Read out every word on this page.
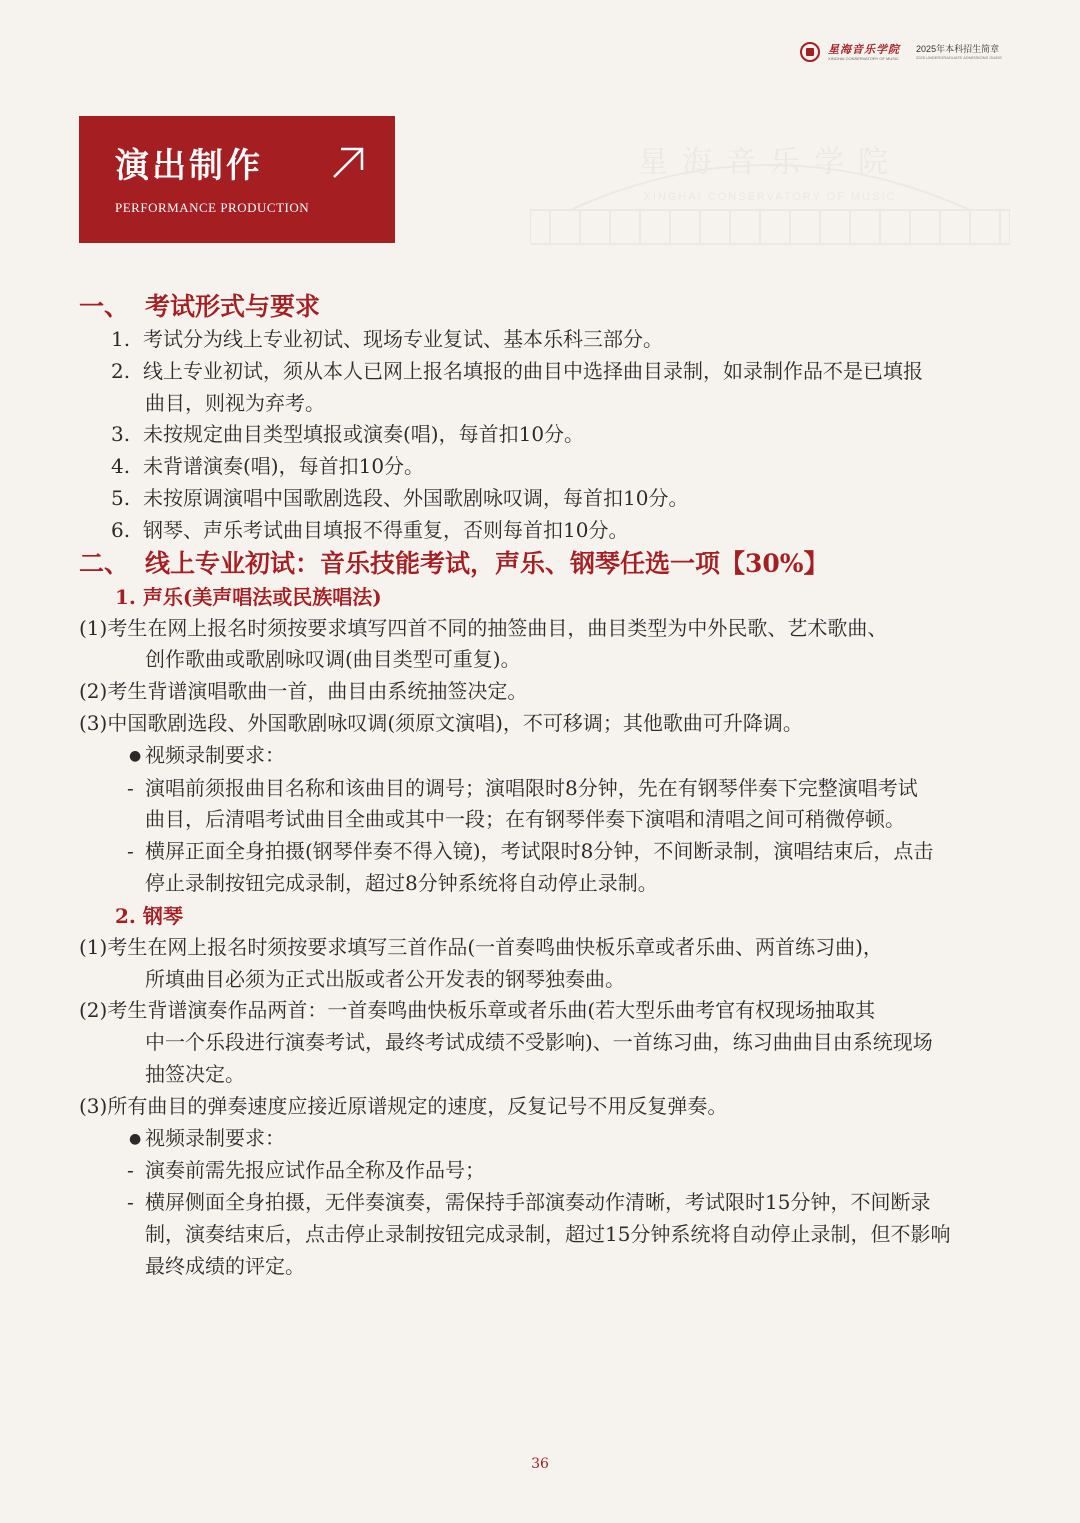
星海音乐学院
XINGHAI CONSERVATORY OF MUSIC
2025年本科招生简章
2025 UNDERGRADUATE ADMISSIONS GUIDE
星海音乐学院
XINGHAI CONSERVATORY OF MUSIC
演出制作
PERFORMANCE PRODUCTION
一、 考试形式与要求
1. 考试分为线上专业初试、现场专业复试、基本乐科三部分。
2. 线上专业初试，须从本人已网上报名填报的曲目中选择曲目录制，如录制作品不是已填报
曲目，则视为弃考。
3. 未按规定曲目类型填报或演奏(唱)，每首扣10分。
4. 未背谱演奏(唱)，每首扣10分。
5. 未按原调演唱中国歌剧选段、外国歌剧咏叹调，每首扣10分。
6. 钢琴、声乐考试曲目填报不得重复，否则每首扣10分。
二、 线上专业初试：音乐技能考试，声乐、钢琴任选一项【30%】
1. 声乐(美声唱法或民族唱法)
(1)考生在网上报名时须按要求填写四首不同的抽签曲目，曲目类型为中外民歌、艺术歌曲、
创作歌曲或歌剧咏叹调(曲目类型可重复)。
(2)考生背谱演唱歌曲一首，曲目由系统抽签决定。
(3)中国歌剧选段、外国歌剧咏叹调(须原文演唱)，不可移调；其他歌曲可升降调。
● 视频录制要求：
- 演唱前须报曲目名称和该曲目的调号；演唱限时8分钟，先在有钢琴伴奏下完整演唱考试
曲目，后清唱考试曲目全曲或其中一段；在有钢琴伴奏下演唱和清唱之间可稍微停顿。
- 横屏正面全身拍摄(钢琴伴奏不得入镜)，考试限时8分钟，不间断录制，演唱结束后，点击
停止录制按钮完成录制，超过8分钟系统将自动停止录制。
2. 钢琴
(1)考生在网上报名时须按要求填写三首作品(一首奏鸣曲快板乐章或者乐曲、两首练习曲)，
所填曲目必须为正式出版或者公开发表的钢琴独奏曲。
(2)考生背谱演奏作品两首：一首奏鸣曲快板乐章或者乐曲(若大型乐曲考官有权现场抽取其
中一个乐段进行演奏考试，最终考试成绩不受影响)、一首练习曲，练习曲曲目由系统现场
抽签决定。
(3)所有曲目的弹奏速度应接近原谱规定的速度，反复记号不用反复弹奏。
● 视频录制要求：
- 演奏前需先报应试作品全称及作品号；
- 横屏侧面全身拍摄，无伴奏演奏，需保持手部演奏动作清晰，考试限时15分钟，不间断录
制，演奏结束后，点击停止录制按钮完成录制，超过15分钟系统将自动停止录制，但不影响
最终成绩的评定。
36
